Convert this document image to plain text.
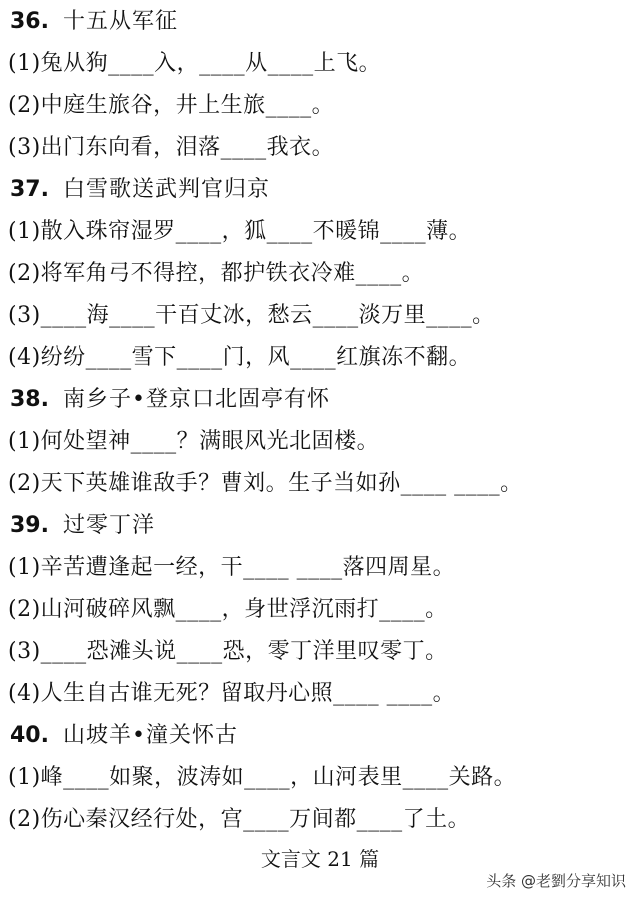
36. 十五从军征
(1)兔从狗____入，____从____上飞。
(2)中庭生旅谷，井上生旅____。
(3)出门东向看，泪落____我衣。
37. 白雪歌送武判官归京
(1)散入珠帘湿罗____，狐____不暖锦____薄。
(2)将军角弓不得控，都护铁衣冷难____。
(3)____海____干百丈冰，愁云____淡万里____。
(4)纷纷____雪下____门，风____红旗冻不翻。
38. 南乡子•登京口北固亭有怀
(1)何处望神____？满眼风光北固楼。
(2)天下英雄谁敌手？曹刘。生子当如孙____ ____。
39. 过零丁洋
(1)辛苦遭逢起一经，干____ ____落四周星。
(2)山河破碎风飘____，身世浮沉雨打____。
(3)____恐滩头说____恐，零丁洋里叹零丁。
(4)人生自古谁无死？留取丹心照____ ____。
40. 山坡羊•潼关怀古
(1)峰____如聚，波涛如____，山河表里____关路。
(2)伤心秦汉经行处，宫____万间都____了土。
文言文 21 篇
头条 @老劉分享知识
